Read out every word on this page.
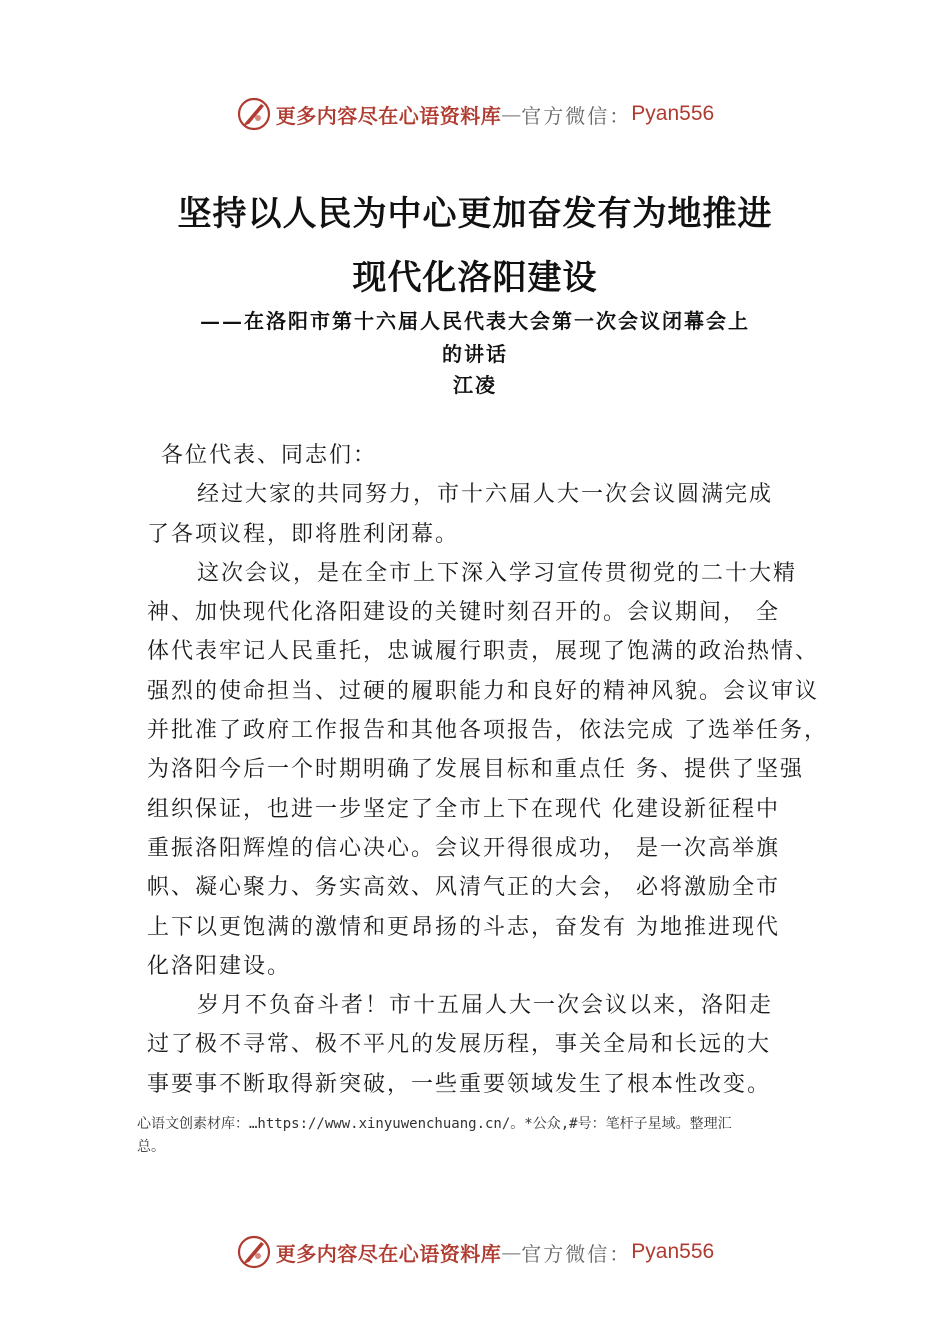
更多内容尽在心语资料库 — 官方微信： Pyan556
坚持以人民为中心更加奋发有为地推进
现代化洛阳建设
——在洛阳市第十六届人民代表大会第一次会议闭幕会上
的讲话
江凌
各位代表、同志们：
经过大家的共同努力，市十六届人大一次会议圆满完成
了各项议程，即将胜利闭幕。
这次会议，是在全市上下深入学习宣传贯彻党的二十大精
神、加快现代化洛阳建设的关键时刻召开的。会议期间， 全
体代表牢记人民重托，忠诚履行职责，展现了饱满的政治热情、
强烈的使命担当、过硬的履职能力和良好的精神风貌。会议审议
并批准了政府工作报告和其他各项报告，依法完成 了选举任务，
为洛阳今后一个时期明确了发展目标和重点任 务、提供了坚强
组织保证，也进一步坚定了全市上下在现代 化建设新征程中
重振洛阳辉煌的信心决心。会议开得很成功， 是一次高举旗
帜、凝心聚力、务实高效、风清气正的大会， 必将激励全市
上下以更饱满的激情和更昂扬的斗志，奋发有 为地推进现代
化洛阳建设。
岁月不负奋斗者！市十五届人大一次会议以来，洛阳走
过了极不寻常、极不平凡的发展历程，事关全局和长远的大
事要事不断取得新突破，一些重要领域发生了根本性改变。
心语文创素材库：…https://www.xinyuwenchuang.cn/。*公众,#号：笔杆子星域。整理汇
总。
更多内容尽在心语资料库 — 官方微信： Pyan556
